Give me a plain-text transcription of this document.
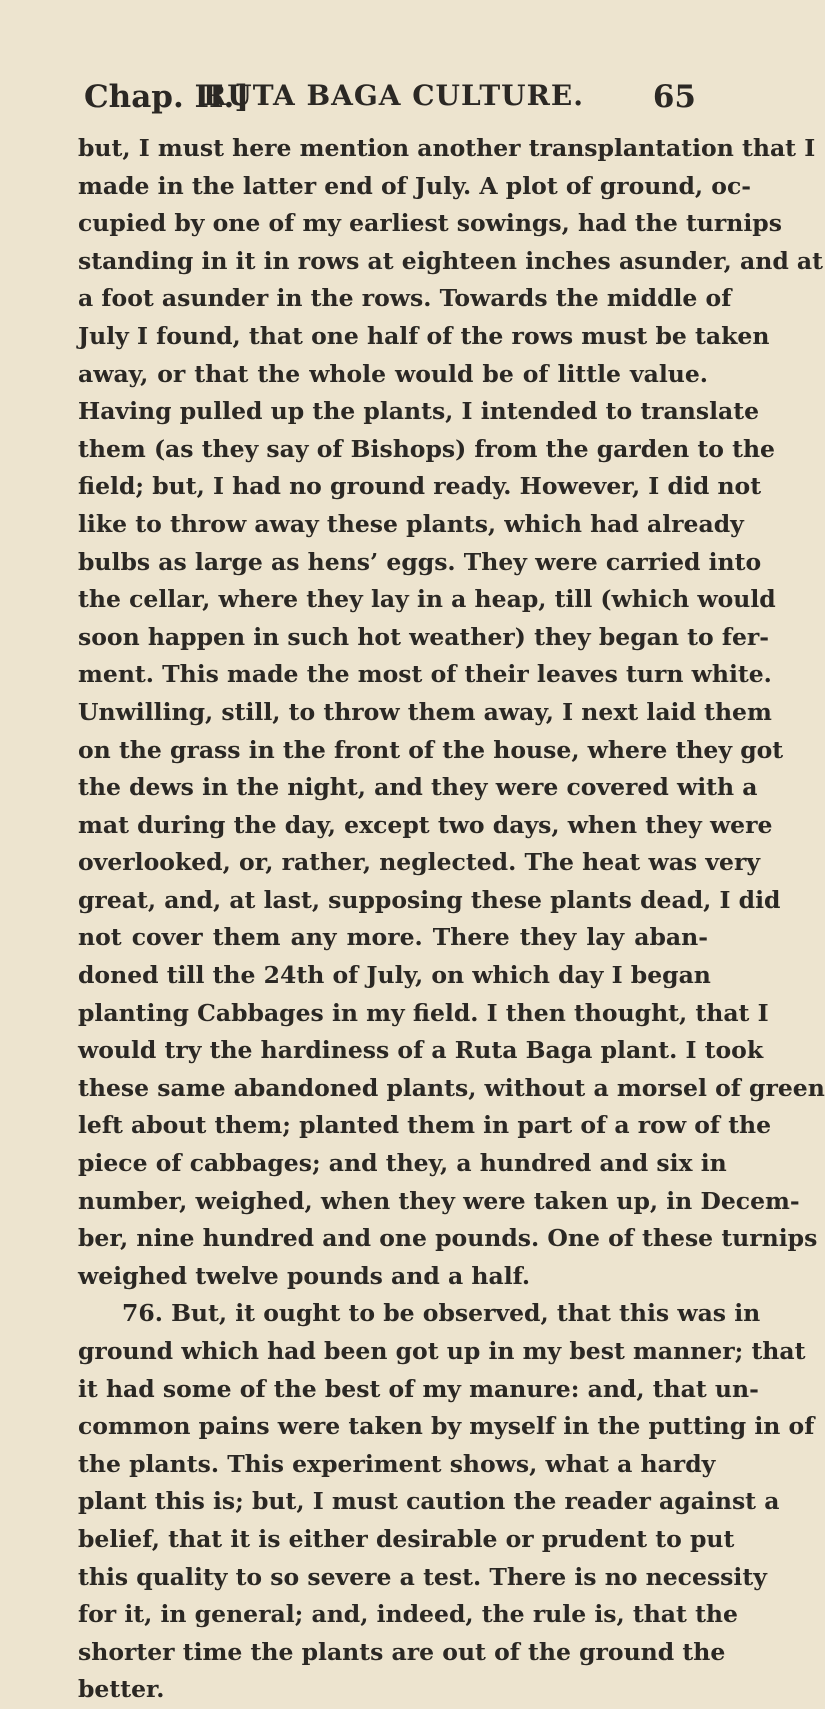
Chap. II.]
RUTA BAGA CULTURE. 65
but, I must here mention another transplantation that I
made in the latter end of July. A plot of ground, oc-
cupied by one of my earliest sowings, had the turnips
standing in it in rows at eighteen inches asunder, and at
a foot asunder in the rows. Towards the middle of
July I found, that one half of the rows must be taken
away, or that the whole would be of little value.
Having pulled up the plants, I intended to translate
them (as they say of Bishops) from the garden to the
field; but, I had no ground ready. However, I did not
like to throw away these plants, which had already
bulbs as large as hens’ eggs. They were carried into
the cellar, where they lay in a heap, till (which would
soon happen in such hot weather) they began to fer-
ment. This made the most of their leaves turn white.
Unwilling, still, to throw them away, I next laid them
on the grass in the front of the house, where they got
the dews in the night, and they were covered with a
mat during the day, except two days, when they were
overlooked, or, rather, neglected. The heat was very
great, and, at last, supposing these plants dead, I did
not cover them any more. There they lay aban-
doned till the 24th of July, on which day I began
planting Cabbages in my field. I then thought, that I
would try the hardiness of a Ruta Baga plant. I took
these same abandoned plants, without a morsel of green
left about them; planted them in part of a row of the
piece of cabbages; and they, a hundred and six in
number, weighed, when they were taken up, in Decem-
ber, nine hundred and one pounds. One of these turnips
weighed twelve pounds and a half.
76. But, it ought to be observed, that this was in
ground which had been got up in my best manner; that
it had some of the best of my manure: and, that un-
common pains were taken by myself in the putting in of
the plants. This experiment shows, what a hardy
plant this is; but, I must caution the reader against a
belief, that it is either desirable or prudent to put
this quality to so severe a test. There is no necessity
for it, in general; and, indeed, the rule is, that the
shorter time the plants are out of the ground the
better.
